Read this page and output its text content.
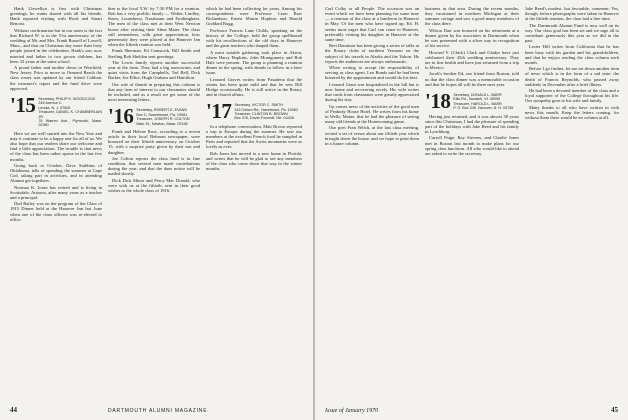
Hank Llewellyn is first with Christmas greetings, he wants shared with all his friends. Hank reported visiting with Hook and Stuart Benoist.

Without confirmation but in our notes is the fact that Richard W. is in the 51st anniversary of the wedding of Mr. and Mrs. Frank Russell of Lowell, Mass., and that on Christmas day more than forty people joined in the celebration. Hank's son, now married and father to two grown children, has been 33 years at the same school.

A proud father and mother down in Westfield, New Jersey. Prior to move to Ormond Beach the class roster was updated by our friend Cobhan, the treasurer's report and the fund drive were approved.

'15 Secretary, PHILIP K. WOODCOCK
245 Avenue C
Leonia, N. J. 07605
Treasurer, DANIEL K. CHAMBERLAIN JR.
76 Warren Ave., Plymouth, Mass. 02360

Here we are well started into the New Year and may it continue to be a happy one for all of us. We also hope that our readers share our welcome and find a little appreciation. The trouble is that news of the class has been rather sparse in the last few months.

Going back to October, Dave Stubbins of Oklahoma, tells of spending the summer at Cape Cod, taking part in activities, and in attending Alumni get-togethers.

Norman K. Jones has retired and is living in Scottsdale, Arizona, after many years as a teacher and a principal.

Dud Bailey was on the program of the Class of 1915 Dinner held at the Hanover Inn last June when one of the class officers was re-elected to office.

him to the local Y.W. by 7:30 PM for a reunion. Bob has a very prolific family — Walter, Lindley, Snow, Lounsberry, Nussbaum and Frothingham. The men of the class met at their West Newton house after visiting their Alma Mater. The class still remembers, with great appreciation, how generously they were placed at the Hanover Inn when the fiftieth reunion was held.

Frank Sherman, Ed Comstock, Bill Smith and Sterling Bob Sheldon sent greetings.

The Lewis family reports another successful year at the farm. They had a big snowstorm, and quiet visits from the Campbells, Ted Bell, Dick Barker, Joe Elliot, Hugh Graham and Hamilton.

Our rule of thumb in preparing this column is that any item of interest to our classmates should be included, and as a result we get some of the most interesting letters.

'16 Secretary, ROBERT E. EVANS
Box C, Swarthmore, Pa. 19081
Treasurer, JOSEPH R. COLTON
Main St., Newton, Mass. 02158

Frank and Helene Root, according to a recent article in their local Belmont newspaper, were honored on their fiftieth anniversary on October 15, with a surprise party given by their son and daughter.

Joe Colton reports the class fund is in fine condition, that several men made contributions during the year, and that the dues notice will be mailed shortly.

Dick Dick Minor and Percy Mac Donald, who were with us at the fiftieth, sent in their good wishes to the whole class of 1916.

which he had been collecting for years. Among his correspondents were Professor Leon Burr Richardson, Ernest Martin Hopkins and Harold Goddard Rugg.

Professor Francis Lane Childs, speaking on the history of the College, held the group spellbound with his recollections of the old days in Hanover and the great teachers who shaped them.

A most notable gathering took place in Akron, where Harry Hopkins, John Montgomery and Bob Hale were present. The group is planning a reunion dinner in the spring, with details to follow in a later issue.

Leonard Graves writes from Pasadena that the winter has been quite mild and that he sees Bill Hodge occasionally. He is still active in the Rotary and in church affairs.

'17 Secretary, VICTOR C. SMITH
315 Oxford Rd., Havertown, Pa. 19083
Treasurer, CLINTON B. BROWN
Box 376, Dover-Foxcroft, Me. 04426

In a telephone conversation, Matt Brown reported a trip to Europe during the summer. He saw our members at the excellent French food he sampled in Paris and reported that the Swiss mountains were as lovely as ever.

Bob Jones has moved to a new home in Florida, and writes that he will be glad to see any members of the class who come down that way in the winter months.

44	DARTMOUTH ALUMNI MAGAZINE

Carl Colby or all People. The occasion was an event which we have been planning for some time — a reunion of the class at a luncheon in Hanover in May. Of the men who have signed up, Ed. H. seems most eager that Carl can come to Hanover, preferably visiting his daughter in Hanover at the same time.

Bert Dennison has been giving a series of talks at the Rotary clubs of northern Vermont on the subject of his travels in Alaska and the Yukon. He reports the audiences are always enthusiastic.

When writing to accept the responsibility of serving as class agent, Leo Bonds said he had been honored by the appointment and would do his best.

Leonard Grant was hospitalized in the fall but is now home and recovering nicely. His wife writes that cards from classmates were greatly appreciated during his stay.

Up comes news of the activities of the good men of Peabody House Hotel. He writes from his home in Wells, Maine, that he had the pleasure of seeing many old friends at the Homecoming game.

Our poet Fran Welch, at the last class meeting, recited a set of verses about our fiftieth year which brought down the house, and we hope to print them in a future column.

business in that area. During the recent months, they vacationed in northern Michigan at their summer cottage and saw a good many members of the class there.

Wilson Dart was honored on his retirement at a dinner given by his associates in Dartmouth when he was presented with a silver tray in recognition of his service.

Howard Y. (Chick) Clark and Gladys have just celebrated their 45th wedding anniversary. They are in fine health and have just returned from a trip to Mexico.

Jacob's brother Ed, our friend from Boston, told us that the class dinner was a memorable occasion and that he hopes all will be there next year.

'18 Secretary, DONALD L. BARR
Ellis Rd., Norwich, Vt. 05055
Treasurer, HAROLD L. BARR
P. O. Box 345, Hanover, N. H. 03755

Having just returned, and it was almost 30 years since this Christmas, I had the pleasure of spending part of the holidays with Jake Reed and his family in Lynchburg.

Carroll Paige, Ray Stevens, and Charlie Jones met in Boston last month to make plans for our spring class luncheon. All who would like to attend are asked to write the secretary.

Jake Reed's modest, but favorable, comment: Yes, though, before photographs were taken in Hanover at the fiftieth reunion, the class had a fine time.

The Dartmouth Alumni Fund is now well on its way. Our class goal has been set and we urge all to contribute generously this year as we did in the past.

Lester Hill writes from California that he has been busy with his garden and his grandchildren, and that he enjoys reading the class column each month.

Before I go further, let me set down another item of news which is in the form of a sad note: the death of Francis Reynolds, who passed away suddenly in December after a brief illness.

He had been a devoted member of the class and a loyal supporter of the College throughout his life. Our sympathy goes to his wife and family.

Many thanks to all who have written in with news this month. Keep the letters coming, for without them there would be no column at all.

Issue of January 1970	45
